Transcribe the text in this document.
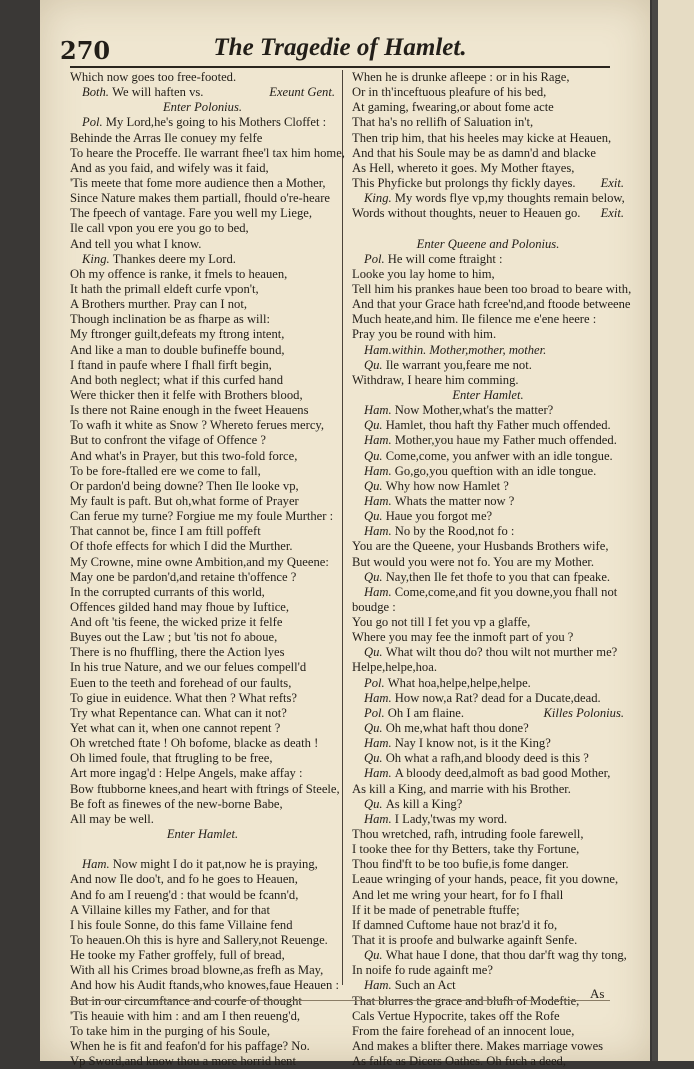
270	The Tragedie of Hamlet.
Which now goes too free-footed.
Both. We will haften vs.	Exeunt Gent.
Enter Polonius.
Pol. My Lord,he's going to his Mothers Cloffet :
Behinde the Arras Ile conuey my felfe
To heare the Proceffe. Ile warrant fhee'l tax him home,
And as you faid, and wifely was it faid,
'Tis meete that fome more audience then a Mother,
Since Nature makes them partiall, fhould o're-heare
The fpeech of vantage. Fare you well my Liege,
Ile call vpon you ere you go to bed,
And tell you what I know.
King. Thankes deere my Lord.
Oh my offence is ranke, it fmels to heauen,
It hath the primall eldeft curfe vpon't,
A Brothers murther. Pray can I not,
Though inclination be as fharpe as will:
My ftronger guilt,defeats my ftrong intent,
And like a man to double bufineffe bound,
I ftand in paufe where I fhall firft begin,
And both neglect; what if this curfed hand
Were thicker then it felfe with Brothers blood,
Is there not Raine enough in the fweet Heauens
To wafh it white as Snow ? Whereto ferues mercy,
But to confront the vifage of Offence ?
And what's in Prayer, but this two-fold force,
To be fore-ftalled ere we come to fall,
Or pardon'd being downe? Then Ile looke vp,
My fault is paft. But oh,what forme of Prayer
Can ferue my turne? Forgiue me my foule Murther :
That cannot be, fince I am ftill poffeft
Of thofe effects for which I did the Murther.
My Crowne, mine owne Ambition,and my Queene:
May one be pardon'd,and retaine th'offence ?
In the corrupted currants of this world,
Offences gilded hand may fhoue by Iuftice,
And oft 'tis feene, the wicked prize it felfe
Buyes out the Law ; but 'tis not fo aboue,
There is no fhuffling, there the Action lyes
In his true Nature, and we our felues compell'd
Euen to the teeth and forehead of our faults,
To giue in euidence. What then ? What refts?
Try what Repentance can. What can it not?
Yet what can it, when one cannot repent ?
Oh wretched ftate ! Oh bofome, blacke as death !
Oh limed foule, that ftrugling to be free,
Art more ingag'd : Helpe Angels, make affay :
Bow ftubborne knees,and heart with ftrings of Steele,
Be foft as finewes of the new-borne Babe,
All may be well.
Enter Hamlet.
Ham. Now might I do it pat,now he is praying,
And now Ile doo't, and fo he goes to Heauen,
And fo am I reueng'd : that would be fcann'd,
A Villaine killes my Father, and for that
I his foule Sonne, do this fame Villaine fend
To heauen.Oh this is hyre and Sallery,not Reuenge.
He tooke my Father groffely, full of bread,
With all his Crimes broad blowne,as frefh as May,
And how his Audit ftands,who knowes,faue Heauen :
But in our circumftance and courfe of thought
'Tis heauie with him : and am I then reueng'd,
To take him in the purging of his Soule,
When he is fit and feafon'd for his paffage? No.
Vp Sword,and know thou a more horrid hent
When he is drunke afleepe : or in his Rage,
Or in th'inceftuous pleafure of his bed,
At gaming, fwearing,or about fome acte
That ha's no rellifh of Saluation in't,
Then trip him, that his heeles may kicke at Heauen,
And that his Soule may be as damn'd and blacke
As Hell, whereto it goes. My Mother ftayes,
This Phyficke but prolongs thy fickly dayes. Exit.
King. My words flye vp,my thoughts remain below,
Words without thoughts, neuer to Heauen go. Exit.
Enter Queene and Polonius.
Pol. He will come ftraight :
Looke you lay home to him,
Tell him his prankes haue been too broad to beare with,
And that your Grace hath fcree'nd,and ftoode betweene
Much heate,and him. Ile filence me e'ene heere :
Pray you be round with him.
Ham.within. Mother,mother, mother.
Qu. Ile warrant you,feare me not.
Withdraw, I heare him comming.
Enter Hamlet.
Ham. Now Mother,what's the matter?
Qu. Hamlet, thou haft thy Father much offended.
Ham. Mother,you haue my Father much offended.
Qu. Come,come, you anfwer with an idle tongue.
Ham. Go,go,you queftion with an idle tongue.
Qu. Why how now Hamlet ?
Ham. Whats the matter now ?
Qu. Haue you forgot me?
Ham. No by the Rood,not fo :
You are the Queene, your Husbands Brothers wife,
But would you were not fo. You are my Mother.
Qu. Nay,then Ile fet thofe to you that can fpeake.
Ham. Come,come,and fit you downe,you fhall not
boudge :
You go not till I fet you vp a glaffe,
Where you may fee the inmoft part of you ?
Qu. What wilt thou do? thou wilt not murther me?
Helpe,helpe,hoa.
Pol. What hoa,helpe,helpe,helpe.
Ham. How now,a Rat? dead for a Ducate,dead.
Pol. Oh I am flaine.	Killes Polonius.
Qu. Oh me,what haft thou done?
Ham. Nay I know not, is it the King?
Qu. Oh what a rafh,and bloody deed is this ?
Ham. A bloody deed,almoft as bad good Mother,
As kill a King, and marrie with his Brother.
Qu. As kill a King?
Ham. I Lady,'twas my word.
Thou wretched, rafh, intruding foole farewell,
I tooke thee for thy Betters, take thy Fortune,
Thou find'ft to be too bufie,is fome danger.
Leaue wringing of your hands, peace, fit you downe,
And let me wring your heart, for fo I fhall
If it be made of penetrable ftuffe;
If damned Cuftome haue not braz'd it fo,
That it is proofe and bulwarke againft Senfe.
Qu. What haue I done, that thou dar'ft wag thy tong,
In noife fo rude againft me?
Ham. Such an Act
That blurres the grace and blufh of Modeftie,
Cals Vertue Hypocrite, takes off the Rofe
From the faire forehead of an innocent loue,
And makes a blifter there. Makes marriage vowes
As falfe as Dicers Oathes. Oh fuch a deed,
As
